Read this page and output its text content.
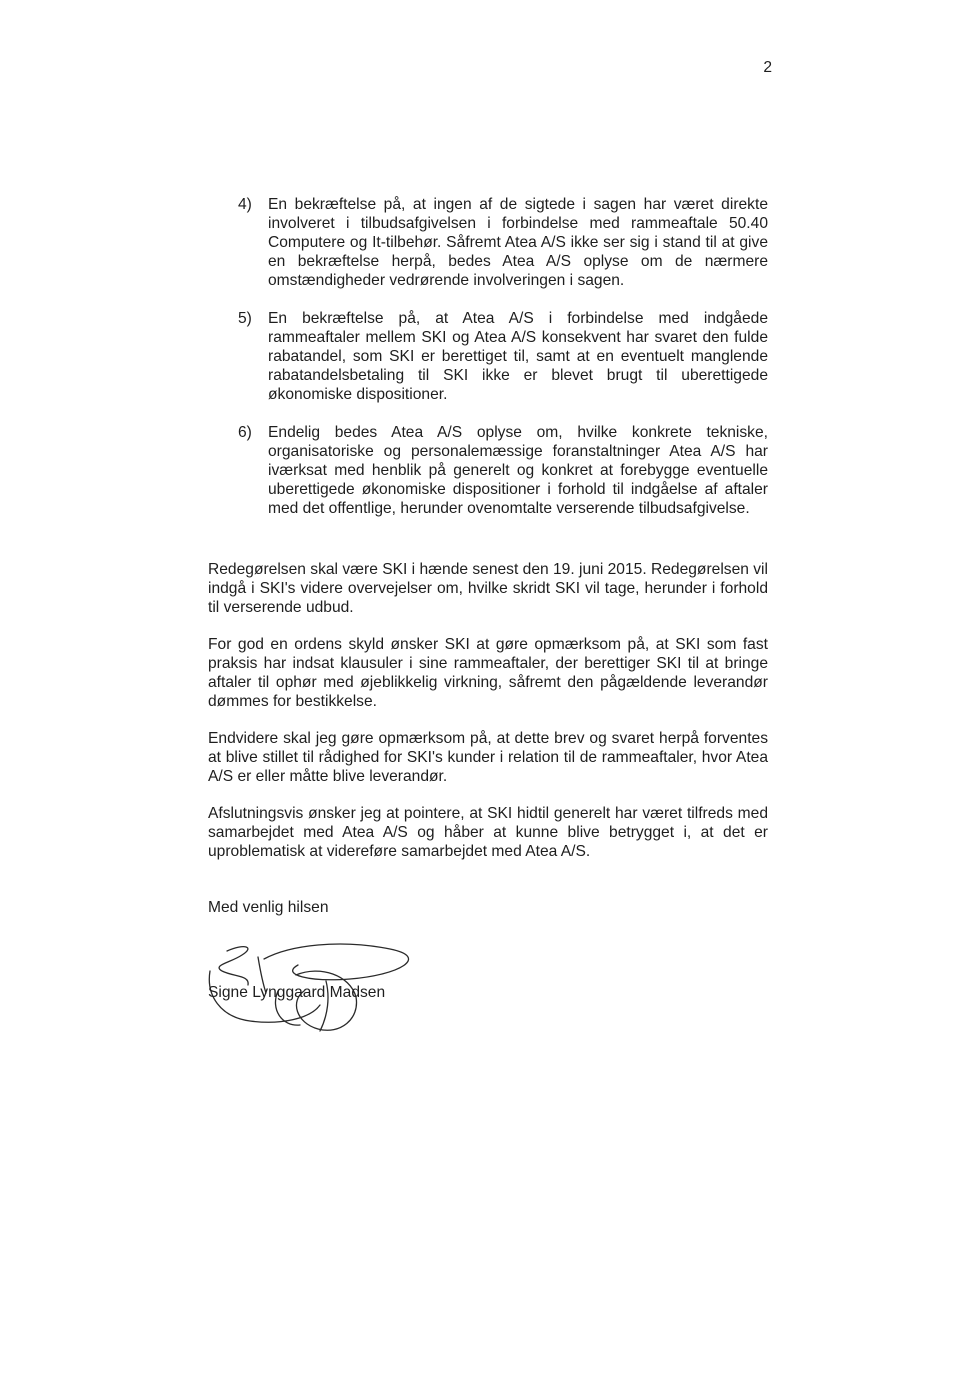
2
4) En bekræftelse på, at ingen af de sigtede i sagen har været direkte involveret i tilbudsafgivelsen i forbindelse med rammeaftale 50.40 Computere og It-tilbehør. Såfremt Atea A/S ikke ser sig i stand til at give en bekræftelse herpå, bedes Atea A/S oplyse om de nærmere omstændigheder vedrørende involveringen i sagen.
5) En bekræftelse på, at Atea A/S i forbindelse med indgåede rammeaftaler mellem SKI og Atea A/S konsekvent har svaret den fulde rabatandel, som SKI er berettiget til, samt at en eventuelt manglende rabatandelsbetaling til SKI ikke er blevet brugt til uberettigede økonomiske dispositioner.
6) Endelig bedes Atea A/S oplyse om, hvilke konkrete tekniske, organisatoriske og personalemæssige foranstaltninger Atea A/S har iværksat med henblik på generelt og konkret at forebygge eventuelle uberettigede økonomiske dispositioner i forhold til indgåelse af aftaler med det offentlige, herunder ovenomtalte verserende tilbudsafgivelse.

Redegørelsen skal være SKI i hænde senest den 19. juni 2015. Redegørelsen vil indgå i SKI's videre overvejelser om, hvilke skridt SKI vil tage, herunder i forhold til verserende udbud.

For god en ordens skyld ønsker SKI at gøre opmærksom på, at SKI som fast praksis har indsat klausuler i sine rammeaftaler, der berettiger SKI til at bringe aftaler til ophør med øjeblikkelig virkning, såfremt den pågældende leverandør dømmes for bestikkelse.

Endvidere skal jeg gøre opmærksom på, at dette brev og svaret herpå forventes at blive stillet til rådighed for SKI's kunder i relation til de rammeaftaler, hvor Atea A/S er eller måtte blive leverandør.

Afslutningsvis ønsker jeg at pointere, at SKI hidtil generelt har været tilfreds med samarbejdet med Atea A/S og håber at kunne blive betrygget i, at det er uproblematisk at videreføre samarbejdet med Atea A/S.

Med venlig hilsen

Signe Lynggaard Madsen
